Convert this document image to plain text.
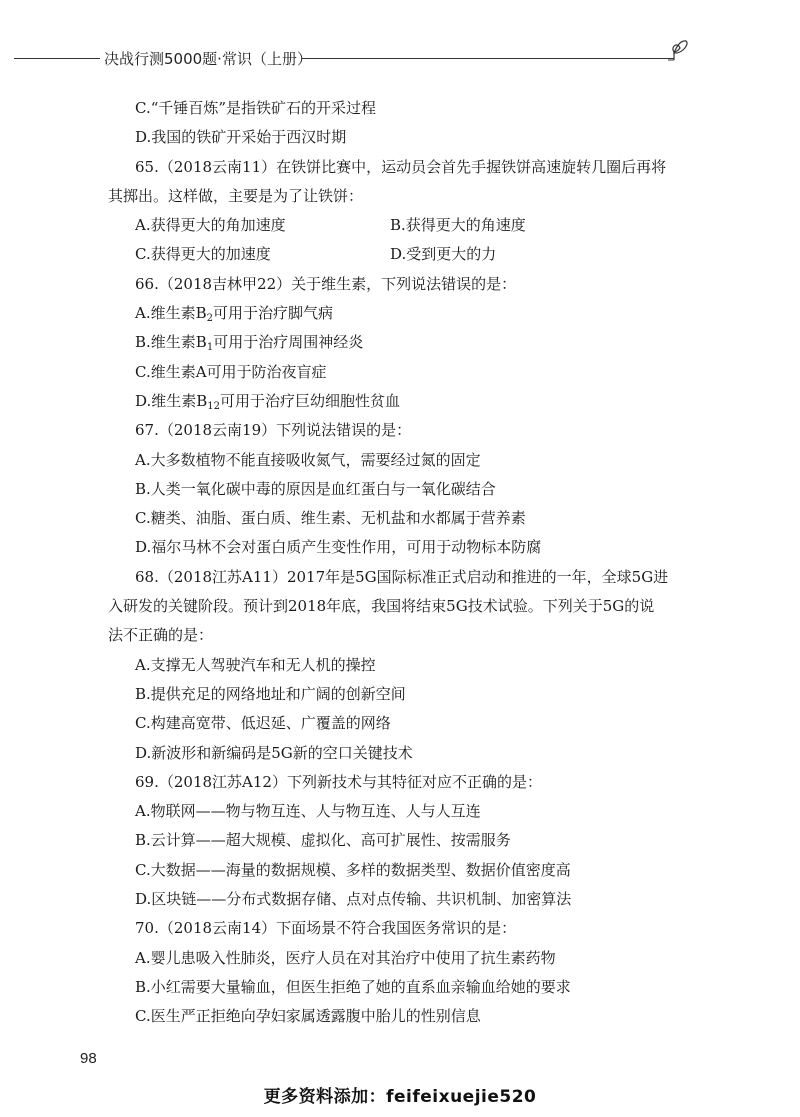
决战行测5000题·常识（上册）
C.“千锤百炼”是指铁矿石的开采过程
D.我国的铁矿开采始于西汉时期
65.（2018云南11）在铁饼比赛中，运动员会首先手握铁饼高速旋转几圈后再将
其掷出。这样做，主要是为了让铁饼：
A.获得更大的角加速度	B.获得更大的角速度
C.获得更大的加速度	D.受到更大的力
66.（2018吉林甲22）关于维生素，下列说法错误的是：
A.维生素$B_2$可用于治疗脚气病
B.维生素$B_1$可用于治疗周围神经炎
C.维生素A可用于防治夜盲症
D.维生素$B_{12}$可用于治疗巨幼细胞性贫血
67.（2018云南19）下列说法错误的是：
A.大多数植物不能直接吸收氮气，需要经过氮的固定
B.人类一氧化碳中毒的原因是血红蛋白与一氧化碳结合
C.糖类、油脂、蛋白质、维生素、无机盐和水都属于营养素
D.福尔马林不会对蛋白质产生变性作用，可用于动物标本防腐
68.（2018江苏A11）2017年是5G国际标准正式启动和推进的一年，全球5G进
入研发的关键阶段。预计到2018年底，我国将结束5G技术试验。下列关于5G的说
法不正确的是：
A.支撑无人驾驶汽车和无人机的操控
B.提供充足的网络地址和广阔的创新空间
C.构建高宽带、低迟延、广覆盖的网络
D.新波形和新编码是5G新的空口关键技术
69.（2018江苏A12）下列新技术与其特征对应不正确的是：
A.物联网——物与物互连、人与物互连、人与人互连
B.云计算——超大规模、虚拟化、高可扩展性、按需服务
C.大数据——海量的数据规模、多样的数据类型、数据价值密度高
D.区块链——分布式数据存储、点对点传输、共识机制、加密算法
70.（2018云南14）下面场景不符合我国医务常识的是：
A.婴儿患吸入性肺炎，医疗人员在对其治疗中使用了抗生素药物
B.小红需要大量输血，但医生拒绝了她的直系血亲输血给她的要求
C.医生严正拒绝向孕妇家属透露腹中胎儿的性别信息
98
更多资料添加：feifeixuejie520
